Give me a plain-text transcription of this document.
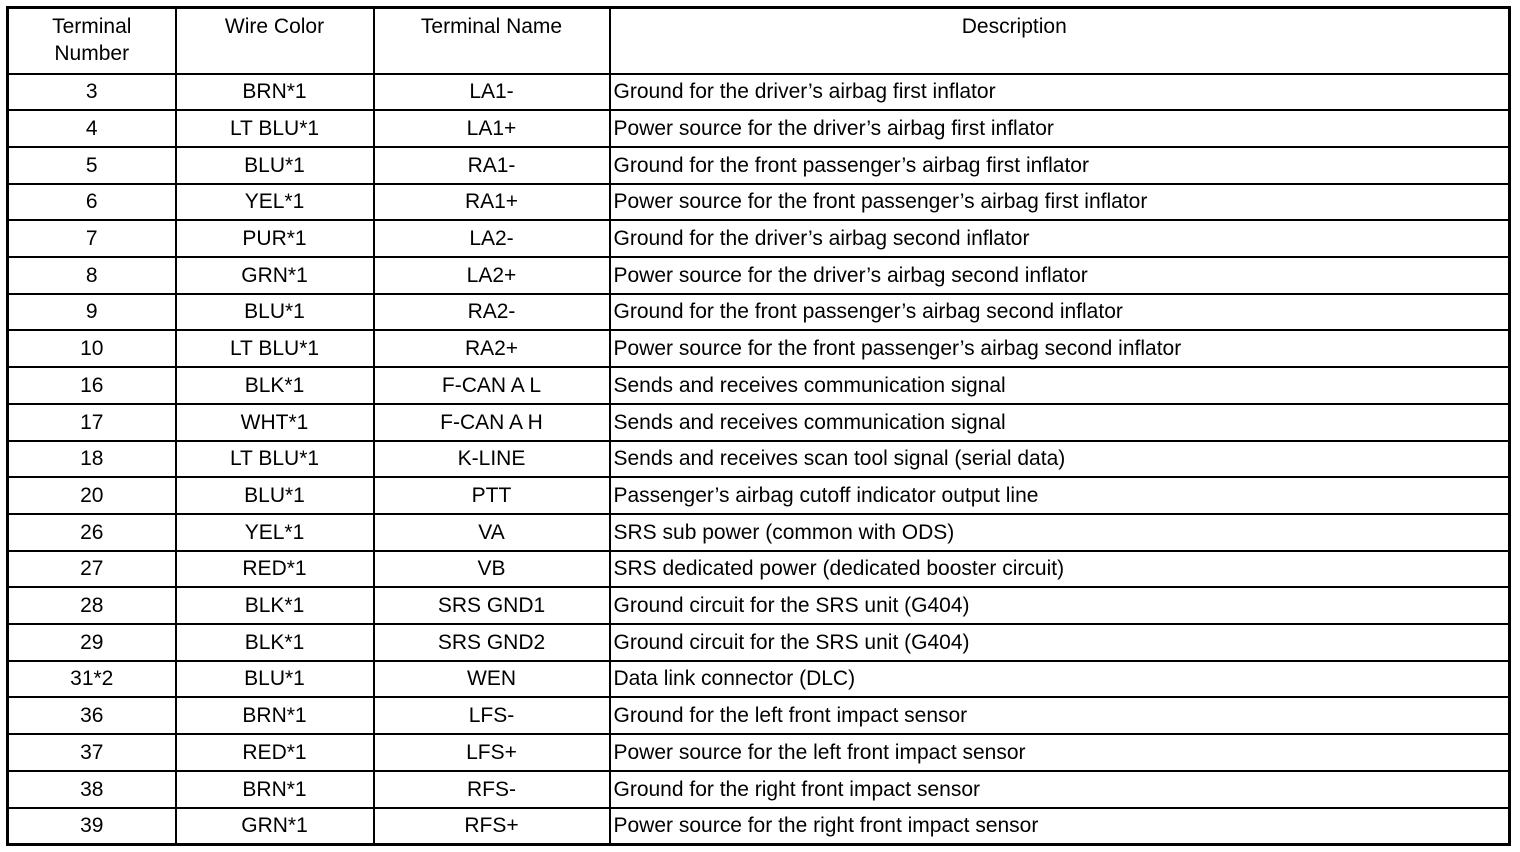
Terminal
Number	Wire Color	Terminal Name	Description
3	BRN*1	LA1-	Ground for the driver’s airbag first inflator
4	LT BLU*1	LA1+	Power source for the driver’s airbag first inflator
5	BLU*1	RA1-	Ground for the front passenger’s airbag first inflator
6	YEL*1	RA1+	Power source for the front passenger’s airbag first inflator
7	PUR*1	LA2-	Ground for the driver’s airbag second inflator
8	GRN*1	LA2+	Power source for the driver’s airbag second inflator
9	BLU*1	RA2-	Ground for the front passenger’s airbag second inflator
10	LT BLU*1	RA2+	Power source for the front passenger’s airbag second inflator
16	BLK*1	F-CAN A L	Sends and receives communication signal
17	WHT*1	F-CAN A H	Sends and receives communication signal
18	LT BLU*1	K-LINE	Sends and receives scan tool signal (serial data)
20	BLU*1	PTT	Passenger’s airbag cutoff indicator output line
26	YEL*1	VA	SRS sub power (common with ODS)
27	RED*1	VB	SRS dedicated power (dedicated booster circuit)
28	BLK*1	SRS GND1	Ground circuit for the SRS unit (G404)
29	BLK*1	SRS GND2	Ground circuit for the SRS unit (G404)
31*2	BLU*1	WEN	Data link connector (DLC)
36	BRN*1	LFS-	Ground for the left front impact sensor
37	RED*1	LFS+	Power source for the left front impact sensor
38	BRN*1	RFS-	Ground for the right front impact sensor
39	GRN*1	RFS+	Power source for the right front impact sensor
